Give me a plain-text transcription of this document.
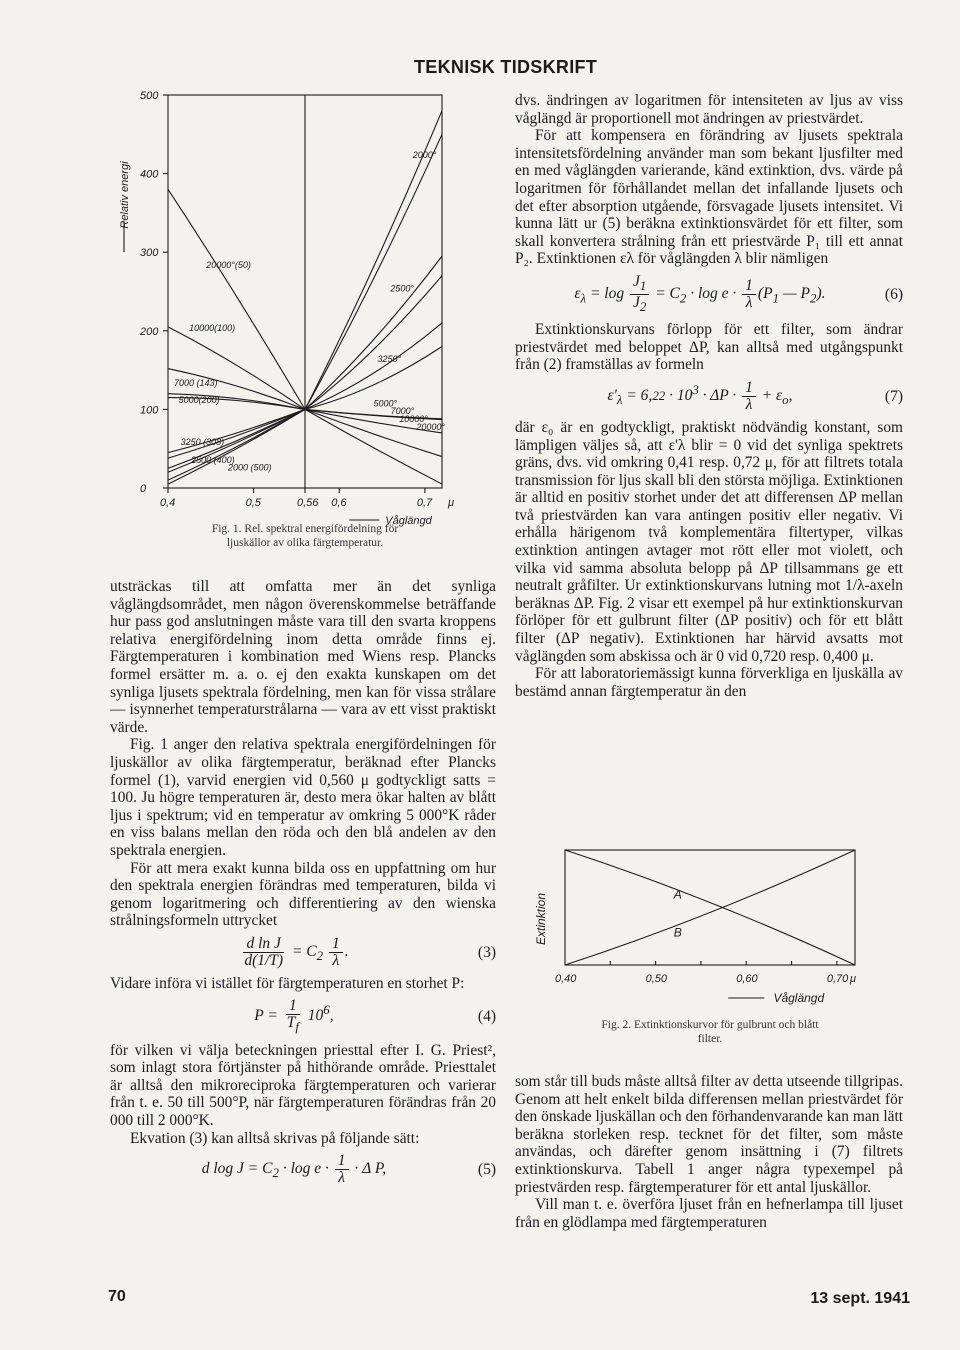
TEKNISK TIDSKRIFT
0
100
200
300
400
500
0,4	0,5	0,56 0,6	0,7 μ
Våglängd
Relativ energi
2000°
20000°(50)
2500°
3250°
10000(100)
7000 (143)
5000°
7000°
10000°
20000°
5000(200)
3250 (308)
2500 (400)
2000 (500)
Fig. 1. Rel. spektral energifördelning för
ljuskällor av olika färgtemperatur.

utsträckas till att omfatta mer än det synliga våglängdsområdet, men någon överenskommelse beträffande hur pass god anslutningen måste vara till den svarta kroppens relativa energifördelning inom detta område finns ej. Färgtemperaturen i kombination med Wiens resp. Plancks formel ersätter m. a. o. ej den exakta kunskapen om det synliga ljusets spektrala fördelning, men kan för vissa strålare — isynnerhet temperaturstrålarna — vara av ett visst praktiskt värde.

Fig. 1 anger den relativa spektrala energifördelningen för ljuskällor av olika färgtemperatur, beräknad efter Plancks formel (1), varvid energien vid 0,560 μ godtyckligt satts = 100. Ju högre temperaturen är, desto mera ökar halten av blått ljus i spektrum; vid en temperatur av omkring 5 000°K råder en viss balans mellan den röda och den blå andelen av den spektrala energien.

För att mera exakt kunna bilda oss en uppfattning om hur den spektrala energien förändras med temperaturen, bilda vi genom logaritmering och differentiering av den wienska strålningsformeln uttrycket

$\frac{\text{d ln J}}{d(1/T)} = C_2 \frac{1}{\lambda}$ .	(3)

Vidare införa vi istället för färgtemperaturen en storhet P:

$P = \frac{1}{T_f} 10^6$,	(4)

för vilken vi välja beteckningen priesttal efter I. G. Priest², som inlagt stora förtjänster på hithörande område. Priesttalet är alltså den mikroreciproka färgtemperaturen och varierar från t. e. 50 till 500°P, när färgtemperaturen förändras från 20 000 till 2 000°K.

Ekvation (3) kan alltså skrivas på följande sätt:

d $\log J = C_2 \cdot \log e \cdot \frac{1}{\lambda} \cdot \Delta$ P,	(5)

dvs. ändringen av logaritmen för intensiteten av ljus av viss våglängd är proportionell mot ändringen av priestvärdet.

För att kompensera en förändring av ljusets spektrala intensitetsfördelning använder man som bekant ljusfilter med en med våglängden varierande, känd extinktion, dvs. värde på logaritmen för förhållandet mellan det infallande ljusets och det efter absorption utgående, försvagade ljusets intensitet. Vi kunna lätt ur (5) beräkna extinktionsvärdet för ett filter, som skall konvertera strålning från ett priestvärde P₁ till ett annat P₂. Extinktionen ελ för våglängden λ blir nämligen

$\varepsilon_\lambda = \log \frac{J_1}{J_2} = C_2 \cdot \log e \cdot \frac{1}{\lambda} (P_1$ — $P_2$).	(6)

Extinktionskurvans förlopp för ett filter, som ändrar priestvärdet med beloppet ΔP, kan alltså med utgångspunkt från (2) framställas av formeln

$\varepsilon'_\lambda = 6,22 \cdot 10^3 \cdot \Delta P \cdot \frac{1}{\lambda} + \varepsilon_o$,	(7)

där ε₀ är en godtyckligt, praktiskt nödvändig konstant, som lämpligen väljes så, att ε'λ blir = 0 vid det synliga spektrets gräns, dvs. vid omkring 0,41 resp. 0,72 μ, för att filtrets totala transmission för ljus skall bli den största möjliga. Extinktionen är alltid en positiv storhet under det att differensen ΔP mellan två priestvärden kan vara antingen positiv eller negativ. Vi erhålla härigenom två komplementära filtertyper, vilkas extinktion antingen avtager mot rött eller mot violett, och vilka vid samma absoluta belopp på ΔP tillsammans ge ett neutralt gråfilter. Ur extinktionskurvans lutning mot 1/λ-axeln beräknas ΔP. Fig. 2 visar ett exempel på hur extinktionskurvan förlöper för ett gulbrunt filter (ΔP positiv) och för ett blått filter (ΔP negativ). Extinktionen har härvid avsatts mot våglängden som abskissa och är 0 vid 0,720 resp. 0,400 μ.

För att laboratoriemässigt kunna förverkliga en ljuskälla av bestämd annan färgtemperatur än den

0,40	0,50	0,60	0,70 μ
Våglängd
Extinktion	A
B
Fig. 2. Extinktionskurvor för gulbrunt och blått
filter.

som står till buds måste alltså filter av detta utseende tillgripas. Genom att helt enkelt bilda differensen mellan priestvärdet för den önskade ljuskällan och den förhandenvarande kan man lätt beräkna storleken resp. tecknet för det filter, som måste användas, och därefter genom insättning i (7) filtrets extinktionskurva. Tabell 1 anger några typexempel på priestvärden resp. färgtemperaturer för ett antal ljuskällor.

Vill man t. e. överföra ljuset från en hefnerlampa till ljuset från en glödlampa med färgtemperaturen

70	13 sept. 1941
